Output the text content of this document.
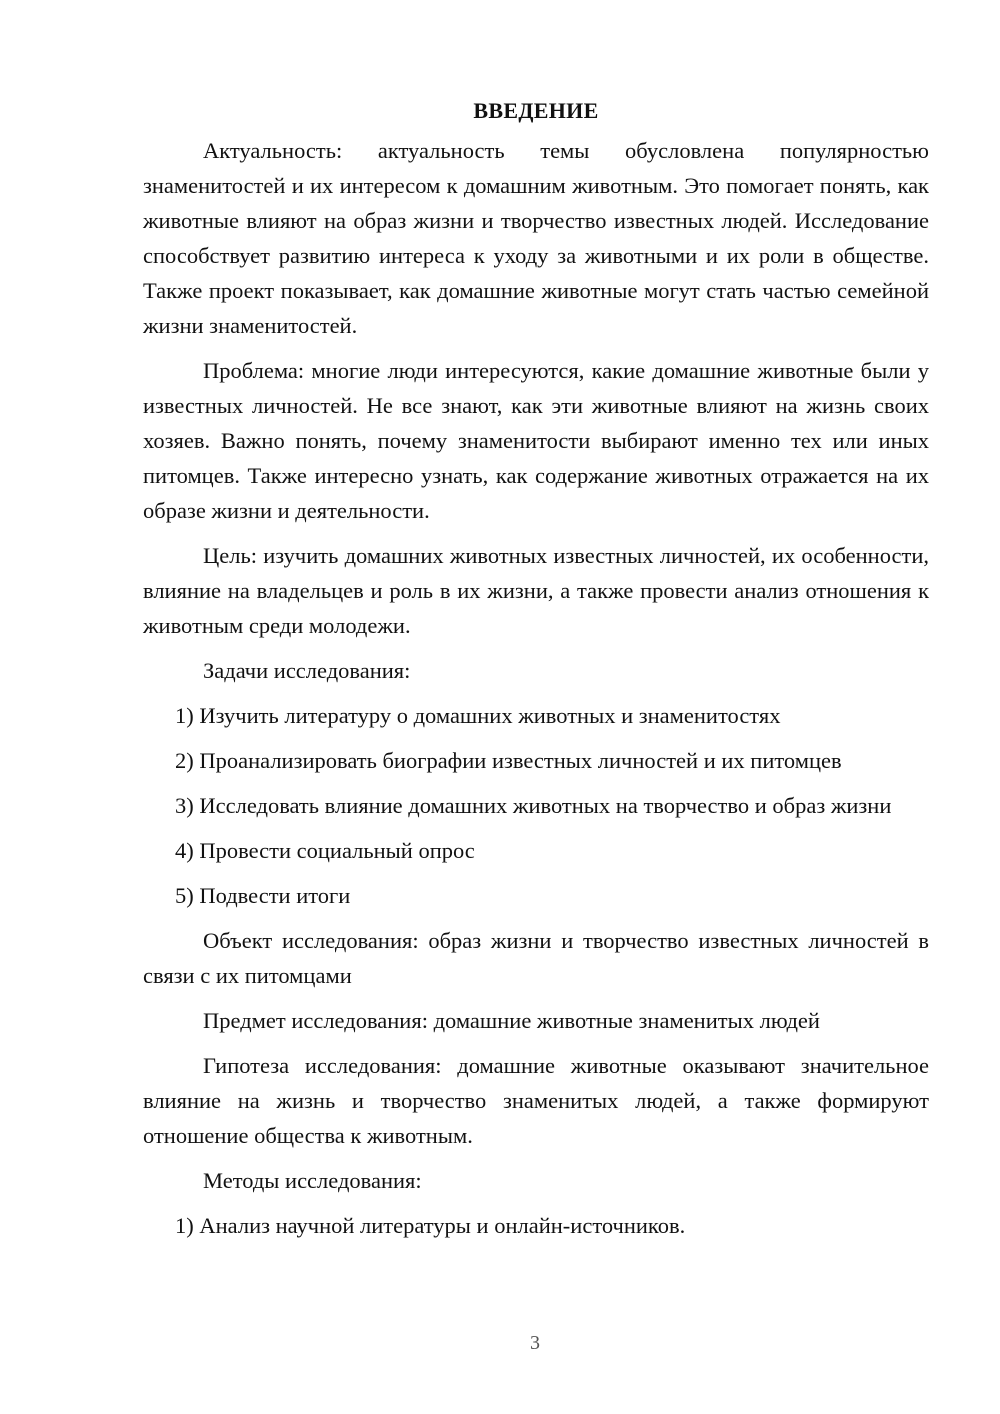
ВВЕДЕНИЕ

Актуальность: актуальность темы обусловлена популярностью знаменитостей и их интересом к домашним животным. Это помогает понять, как животные влияют на образ жизни и творчество известных людей. Исследование способствует развитию интереса к уходу за животными и их роли в обществе. Также проект показывает, как домашние животные могут стать частью семейной жизни знаменитостей.

Проблема: многие люди интересуются, какие домашние животные были у известных личностей. Не все знают, как эти животные влияют на жизнь своих хозяев. Важно понять, почему знаменитости выбирают именно тех или иных питомцев. Также интересно узнать, как содержание животных отражается на их образе жизни и деятельности.

Цель: изучить домашних животных известных личностей, их особенности, влияние на владельцев и роль в их жизни, а также провести анализ отношения к животным среди молодежи.

Задачи исследования:

1) Изучить литературу о домашних животных и знаменитостях

2) Проанализировать биографии известных личностей и их питомцев

3) Исследовать влияние домашних животных на творчество и образ жизни

4) Провести социальный опрос

5) Подвести итоги

Объект исследования: образ жизни и творчество известных личностей в связи с их питомцами

Предмет исследования: домашние животные знаменитых людей

Гипотеза исследования: домашние животные оказывают значительное влияние на жизнь и творчество знаменитых людей, а также формируют отношение общества к животным.

Методы исследования:

1) Анализ научной литературы и онлайн-источников.

3
